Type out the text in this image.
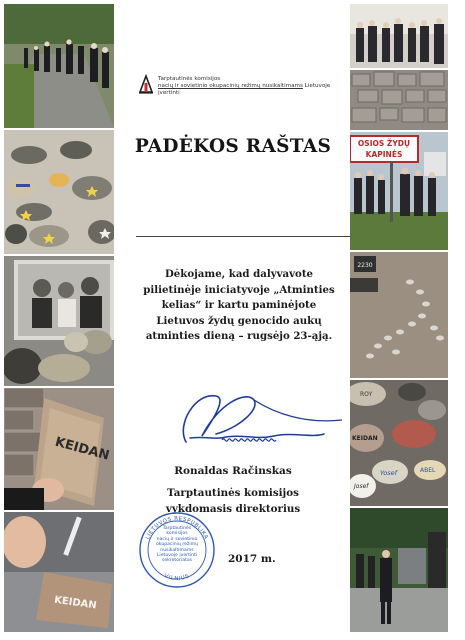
KEIDAN
KEIDAN
Tarptautinės komisijos
nacių ir sovietinio okupacinių režimų nusikaltimams Lietuvoje įvertinti
PADĖKOS RAŠTAS
Dėkojame, kad dalyvavote
pilietinėje iniciatyvoje „Atminties
kelias“ ir kartu paminėjote
Lietuvos žydų genocido aukų
atminties dieną – rugsėjo 23-ąją.
Ronaldas Račinskas
Tarptautinės komisijos
vykdomasis direktorius
LIETUVOS RESPUBLIKA
VILNIUS
Tarptautinės
komisijos
nacių ir sovietinio
okupacinių režimų
nusikaltimams
Lietuvoje įvertinti
sekretoriatas	2017 m.
OSIOS ŽYDŲ
KAPINĖS
2230
ROY
KEIDAN
Yosef	ABEL
Josef
